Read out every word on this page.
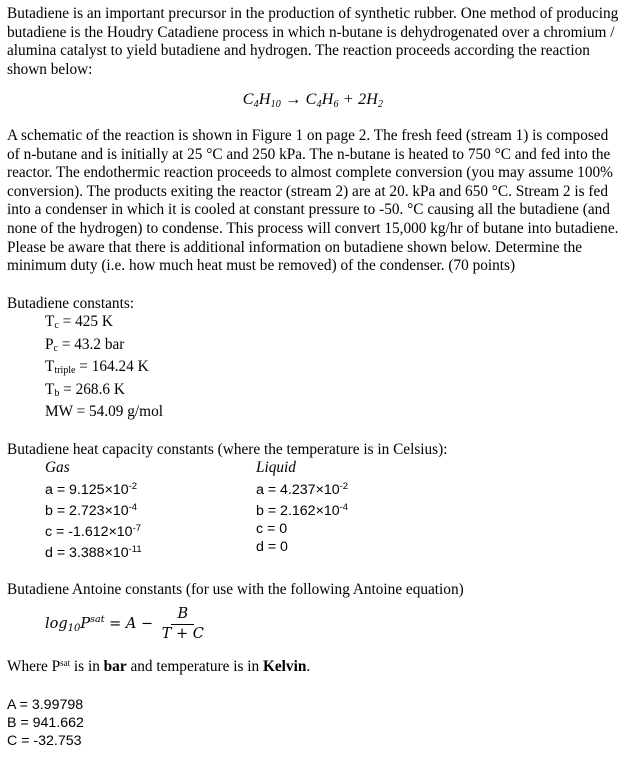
Butadiene is an important precursor in the production of synthetic rubber. One method of producing butadiene is the Houdry Catadiene process in which n-butane is dehydrogenated over a chromium / alumina catalyst to yield butadiene and hydrogen. The reaction proceeds according the reaction shown below:

$C_4H_{10} \to C_4H_6 + 2H_2$

A schematic of the reaction is shown in Figure 1 on page 2. The fresh feed (stream 1) is composed of n-butane and is initially at 25 °C and 250 kPa. The n-butane is heated to 750 °C and fed into the reactor. The endothermic reaction proceeds to almost complete conversion (you may assume 100% conversion). The products exiting the reactor (stream 2) are at 20. kPa and 650 °C. Stream 2 is fed into a condenser in which it is cooled at constant pressure to -50. °C causing all the butadiene (and none of the hydrogen) to condense. This process will convert 15,000 kg/hr of butane into butadiene. Please be aware that there is additional information on butadiene shown below. Determine the minimum duty (i.e. how much heat must be removed) of the condenser. (70 points)

Butadiene constants:
$T_c = 425$ K
$P_c = 43.2$ bar
$T_{triple} = 164.24$ K
$T_b = 268.6$ K
MW = 54.09 g/mol
Butadiene heat capacity constants (where the temperature is in Celsius):
Gas
$a = 9.125\times 10^{-2}$
$b = 2.723\times 10^{-4}$
$c = -1.612\times 10^{-7}$
$d = 3.388\times 10^{-11}$
Liquid
$a = 4.237\times 10^{-2}$
$b = 2.162\times 10^{-4}$
c = 0
d = 0
Butadiene Antoine constants (for use with the following Antoine equation)
$\log_{10}P^{sat} = A - \frac{B}{T + C}$
Where $P^{sat}$ is in bar and temperature is in Kelvin.
A = 3.99798
B = 941.662
C = -32.753
